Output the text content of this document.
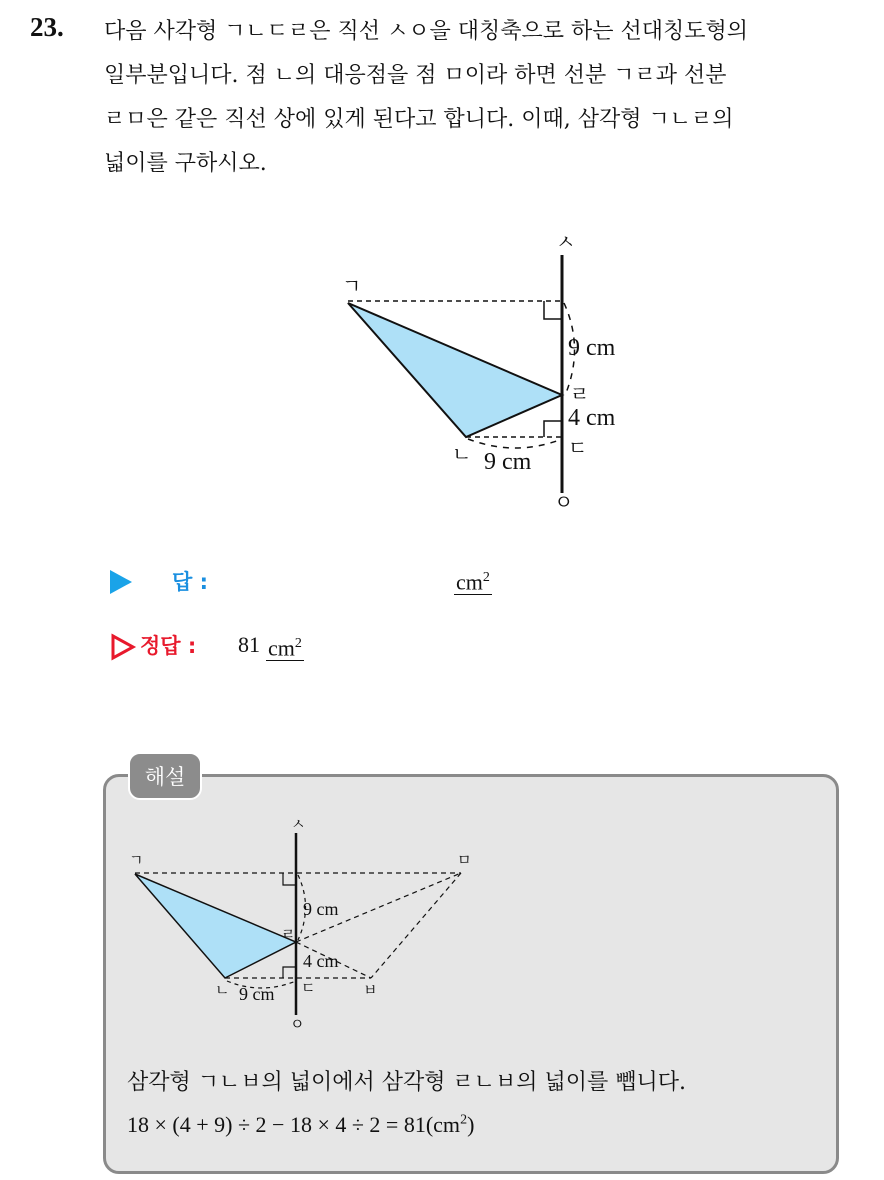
23. 다음 사각형 ㄱㄴㄷㄹ은 직선 ㅅㅇ을 대칭축으로 하는 선대칭도형의
일부분입니다. 점 ㄴ의 대응점을 점 ㅁ이라 하면 선분 ㄱㄹ과 선분
ㄹㅁ은 같은 직선 상에 있게 된다고 합니다. 이때, 삼각형 ㄱㄴㄹ의
넓이를 구하시오.

ㅅ
ㅇ
ㄱ
ㄴ	ㄷ
ㄹ
9 cm
4 cm
9 cm
답 :	$cm^2$
정답 : 81 $cm^2$
해설
ㅅ
ㅇ
ㄱ	ㅁ
ㄴ	ㄷ
ㄹ
ㅂ
9 cm
4 cm
9 cm

삼각형 ㄱㄴㅂ의 넓이에서 삼각형 ㄹㄴㅂ의 넓이를 뺍니다.
$18 \times (4 + 9) \div 2 - 18 \times 4 \div 2 = 81(cm^2)$
